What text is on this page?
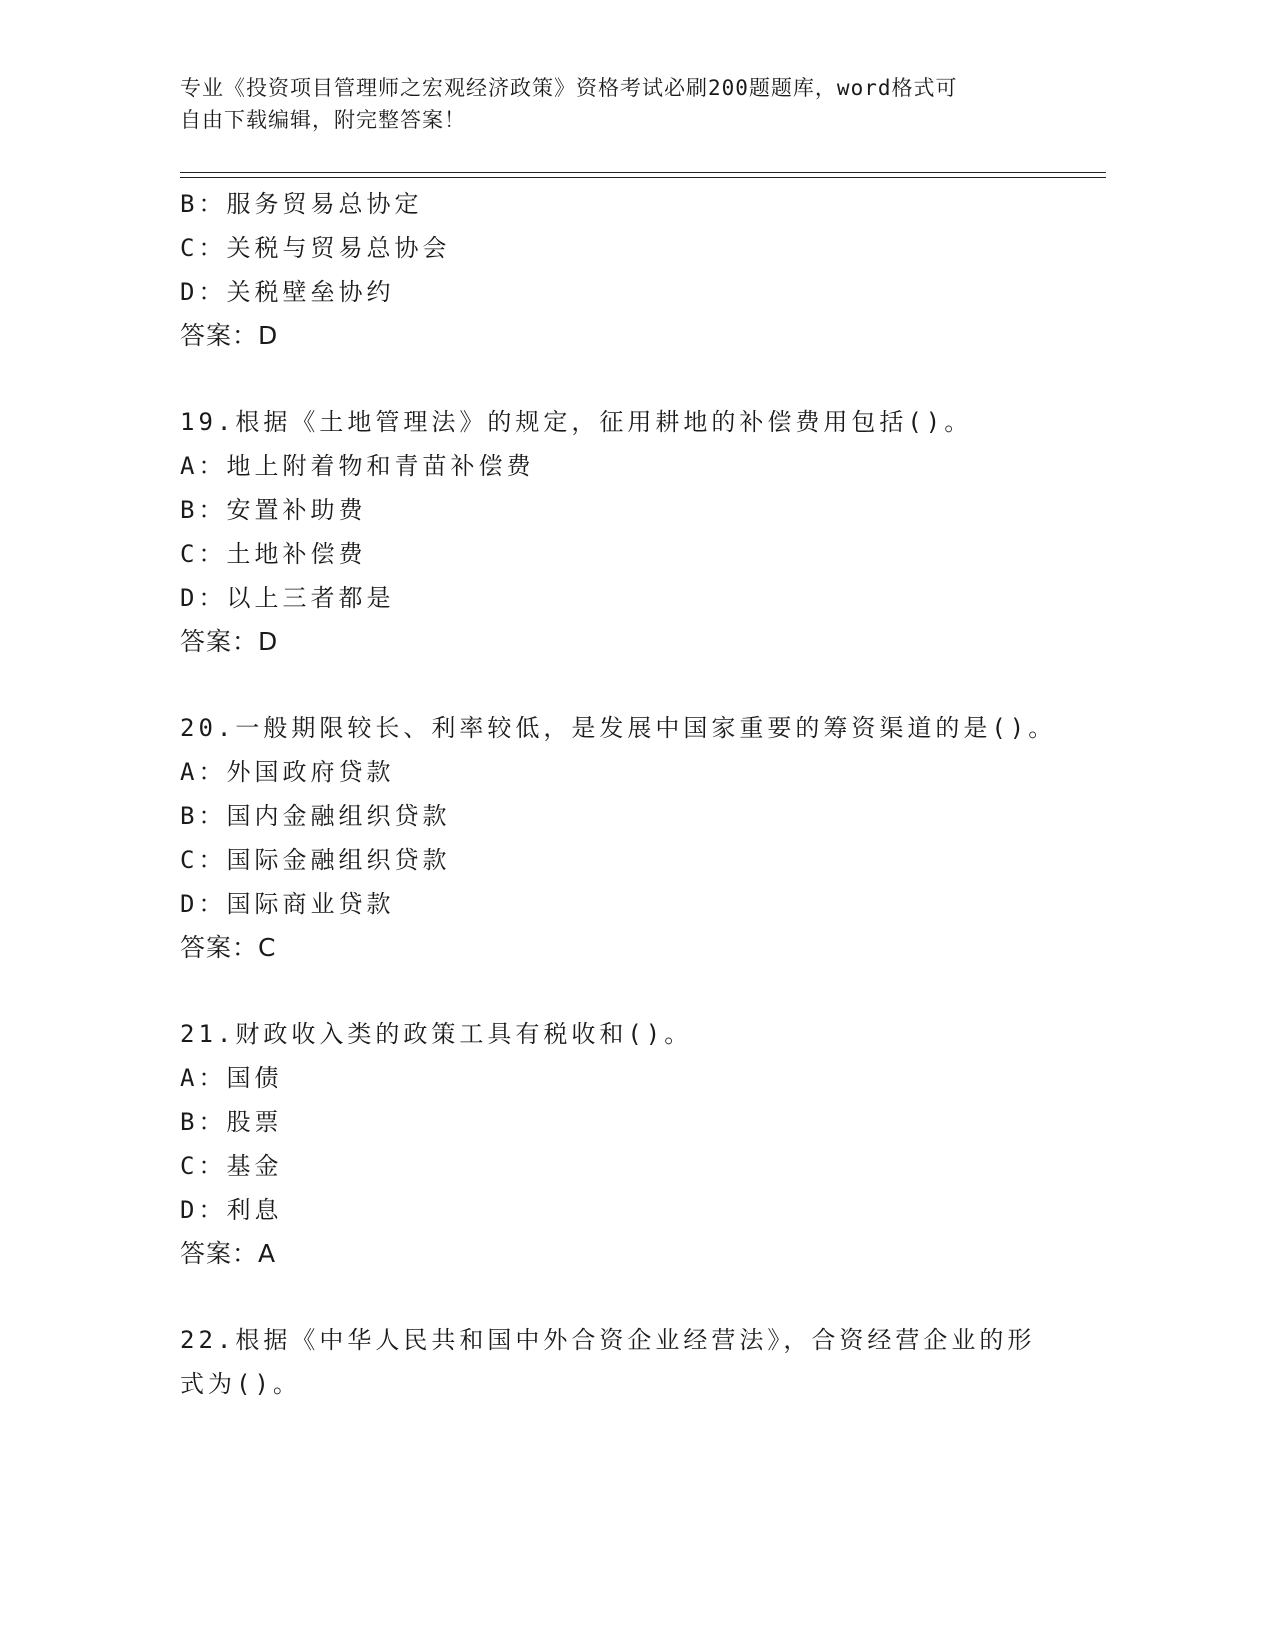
专业《投资项目管理师之宏观经济政策》资格考试必刷200题题库，word格式可
自由下载编辑，附完整答案！
B：服务贸易总协定
C：关税与贸易总协会
D：关税壁垒协约
答案：D
19.根据《土地管理法》的规定，征用耕地的补偿费用包括()。
A：地上附着物和青苗补偿费
B：安置补助费
C：土地补偿费
D：以上三者都是
答案：D
20.一般期限较长、利率较低，是发展中国家重要的筹资渠道的是()。
A：外国政府贷款
B：国内金融组织贷款
C：国际金融组织贷款
D：国际商业贷款
答案：C
21.财政收入类的政策工具有税收和()。
A：国债
B：股票
C：基金
D：利息
答案：A
22.根据《中华人民共和国中外合资企业经营法》，合资经营企业的形
式为()。
